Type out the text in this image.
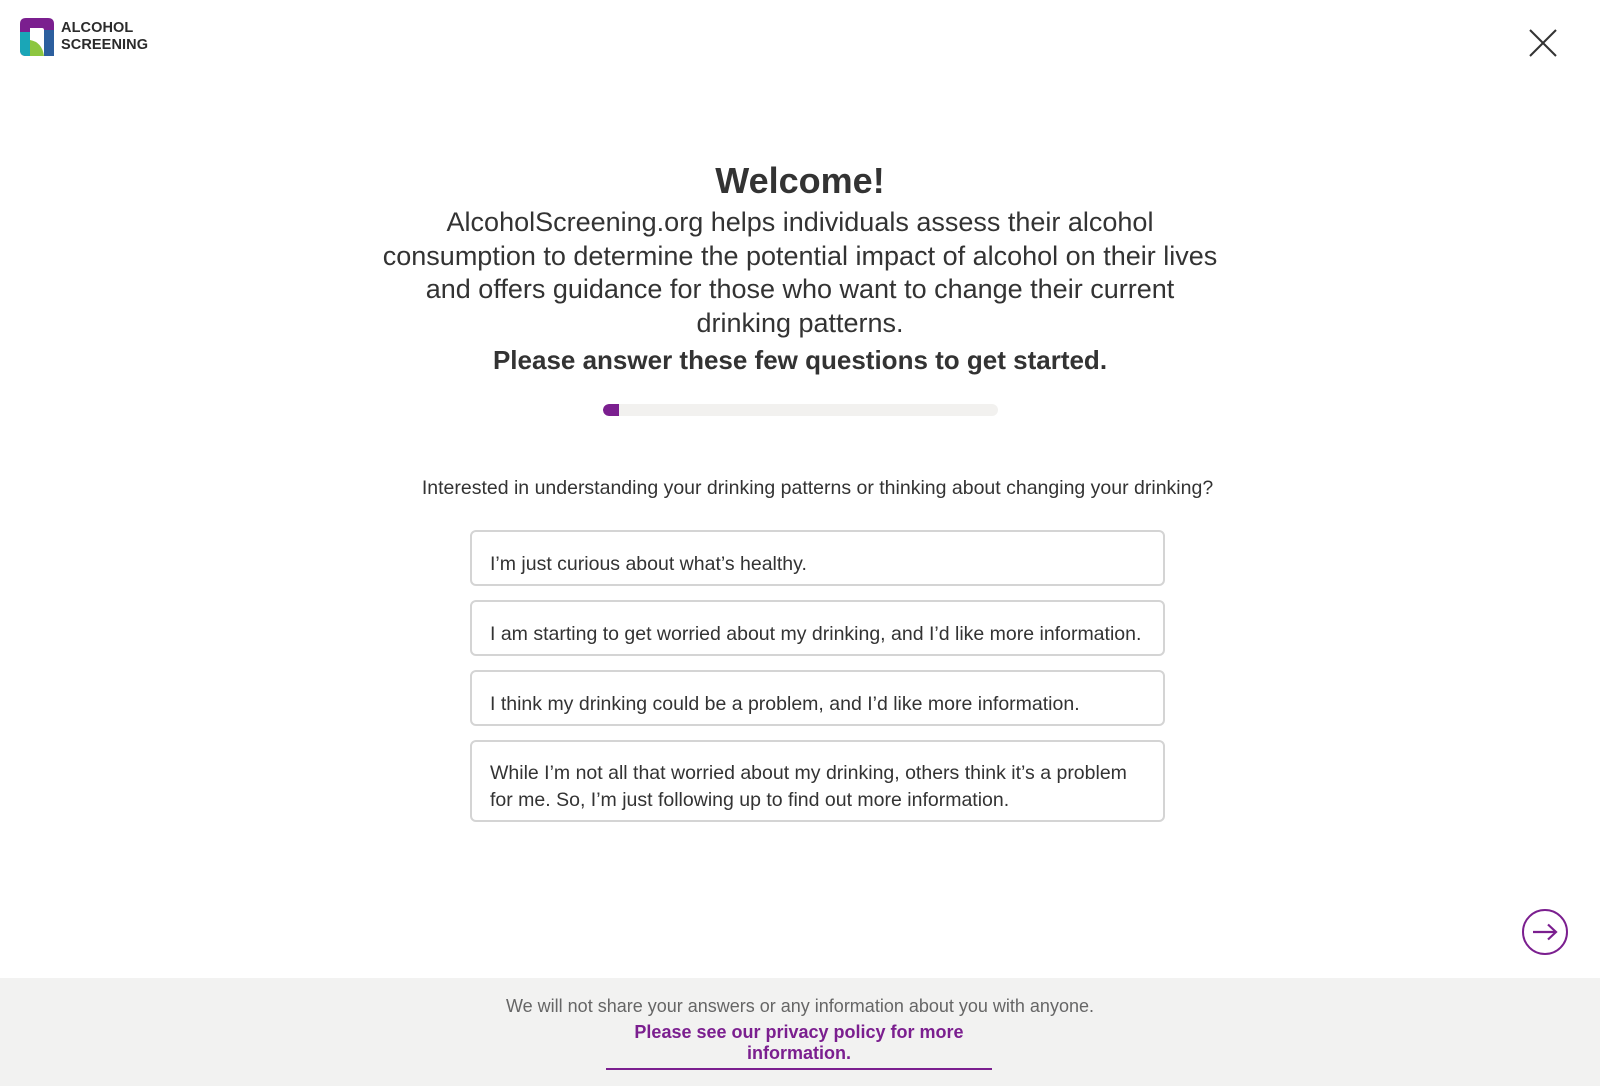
ALCOHOL
SCREENING
Welcome!

AlcoholScreening.org helps individuals assess their alcohol consumption to determine the potential impact of alcohol on their lives and offers guidance for those who want to change their current drinking patterns.

Please answer these few questions to get started.

Interested in understanding your drinking patterns or thinking about changing your drinking?

I’m just curious about what’s healthy.
I am starting to get worried about my drinking, and I’d like more information.
I think my drinking could be a problem, and I’d like more information.
While I’m not all that worried about my drinking, others think it’s a problem for me. So, I’m just following up to find out more information.

We will not share your answers or any information about you with anyone.

Please see our privacy policy for more information.
